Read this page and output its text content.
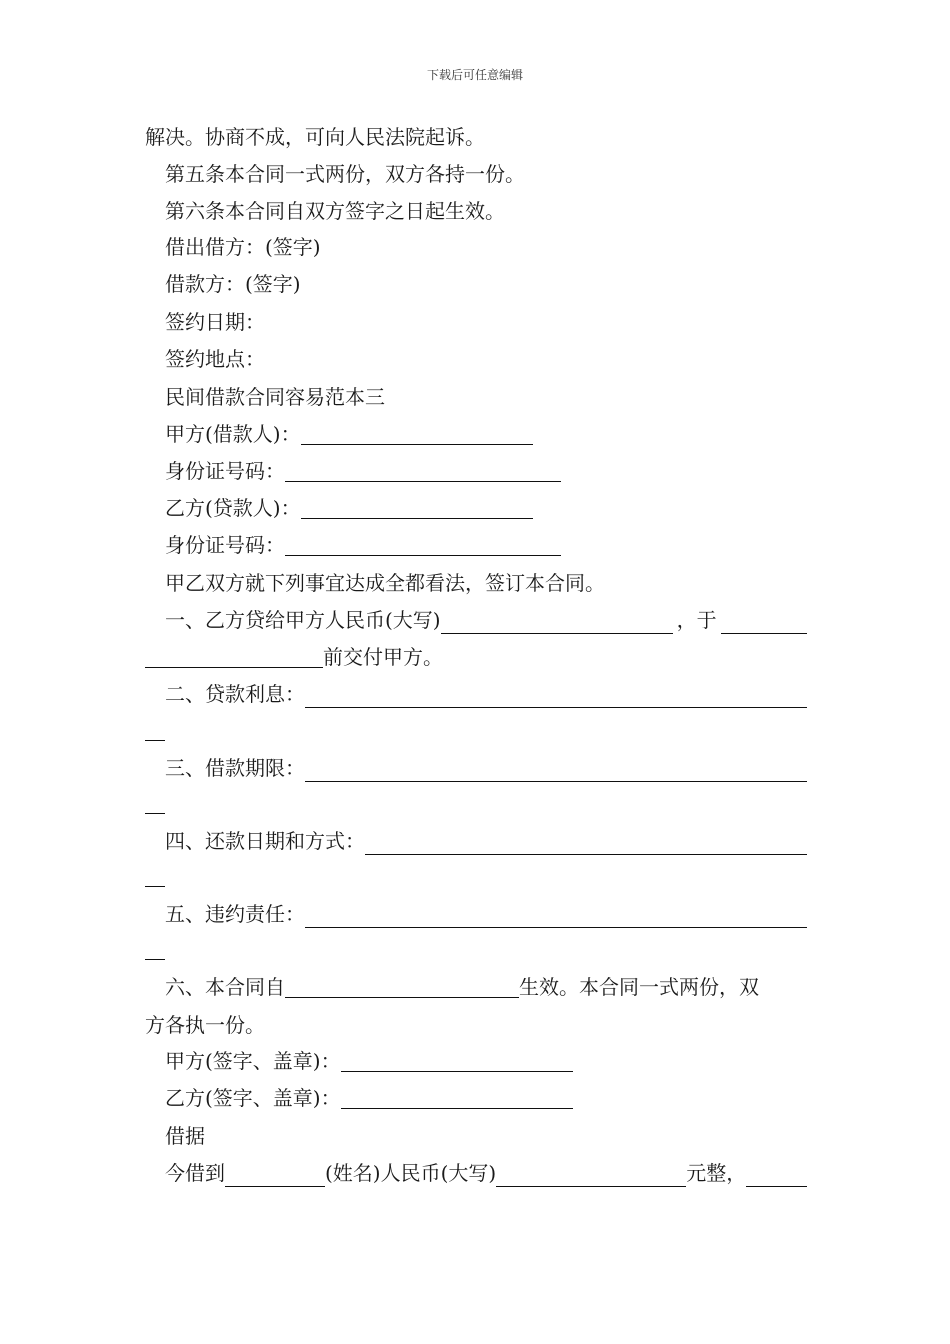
下载后可任意编辑
解决。协商不成，可向人民法院起诉。
第五条本合同一式两份，双方各持一份。
第六条本合同自双方签字之日起生效。
借出借方：(签字)
借款方：(签字)
签约日期：
签约地点：
民间借款合同容易范本三
甲方(借款人)：
身份证号码：
乙方(贷款人)：
身份证号码：
甲乙双方就下列事宜达成全都看法，签订本合同。
一、乙方贷给甲方人民币(大写)	，于
前交付甲方。
二、贷款利息：
三、借款期限：
四、还款日期和方式：
五、违约责任：
六、本合同自	生效。本合同一式两份，双
方各执一份。
甲方(签字、盖章)：
乙方(签字、盖章)：
借据
今借到	(姓名)人民币(大写)	元整，
